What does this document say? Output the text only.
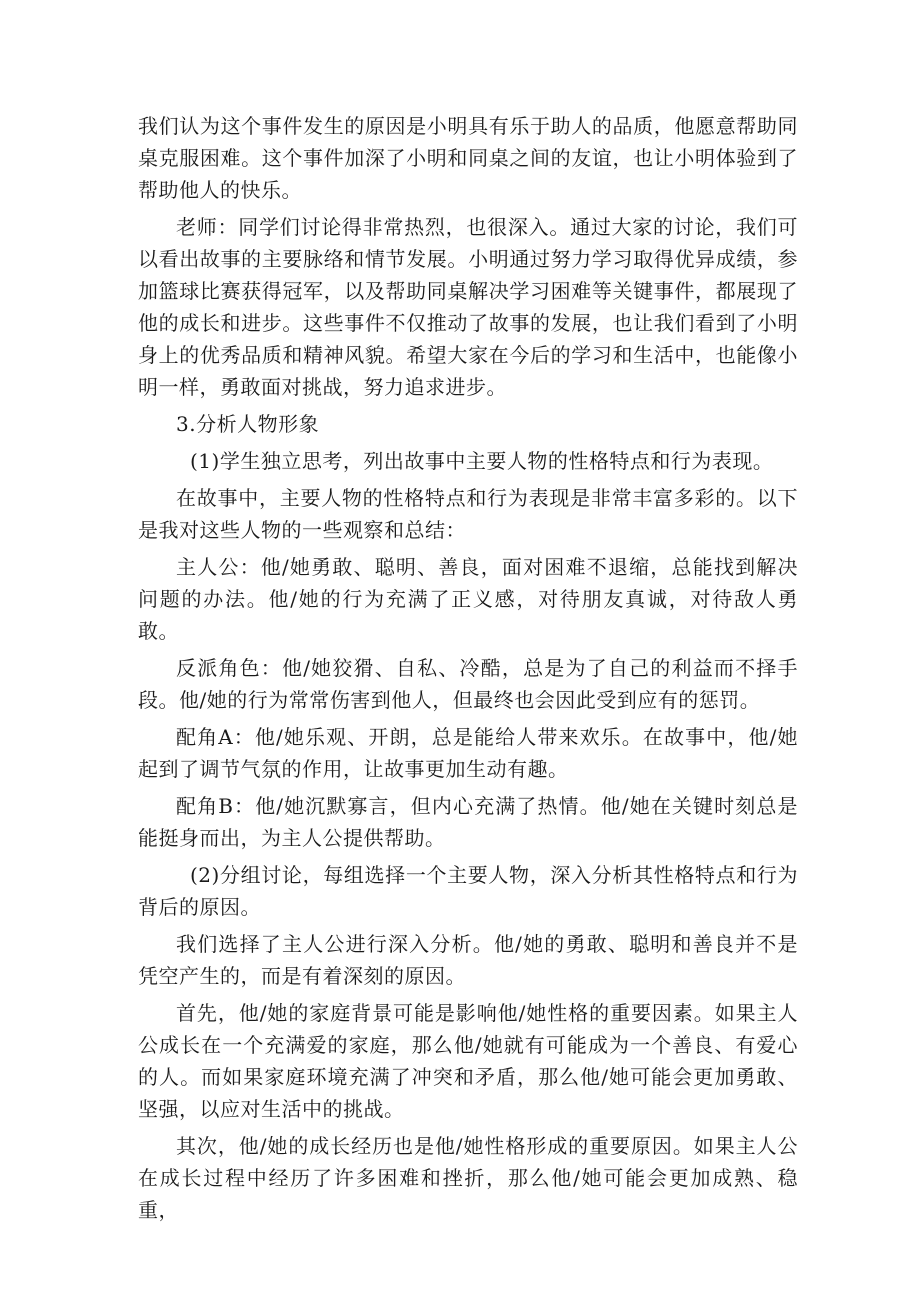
我们认为这个事件发生的原因是小明具有乐于助人的品质，他愿意帮助同桌克服困难。这个事件加深了小明和同桌之间的友谊，也让小明体验到了帮助他人的快乐。

老师：同学们讨论得非常热烈，也很深入。通过大家的讨论，我们可以看出故事的主要脉络和情节发展。小明通过努力学习取得优异成绩，参加篮球比赛获得冠军，以及帮助同桌解决学习困难等关键事件，都展现了他的成长和进步。这些事件不仅推动了故事的发展，也让我们看到了小明身上的优秀品质和精神风貌。希望大家在今后的学习和生活中，也能像小明一样，勇敢面对挑战，努力追求进步。

3.分析人物形象

(1)学生独立思考，列出故事中主要人物的性格特点和行为表现。

在故事中，主要人物的性格特点和行为表现是非常丰富多彩的。以下是我对这些人物的一些观察和总结：

主人公：他/她勇敢、聪明、善良，面对困难不退缩，总能找到解决问题的办法。他/她的行为充满了正义感，对待朋友真诚，对待敌人勇敢。

反派角色：他/她狡猾、自私、冷酷，总是为了自己的利益而不择手段。他/她的行为常常伤害到他人，但最终也会因此受到应有的惩罚。

配角A：他/她乐观、开朗，总是能给人带来欢乐。在故事中，他/她起到了调节气氛的作用，让故事更加生动有趣。

配角B：他/她沉默寡言，但内心充满了热情。他/她在关键时刻总是能挺身而出，为主人公提供帮助。

(2)分组讨论，每组选择一个主要人物，深入分析其性格特点和行为背后的原因。

我们选择了主人公进行深入分析。他/她的勇敢、聪明和善良并不是凭空产生的，而是有着深刻的原因。

首先，他/她的家庭背景可能是影响他/她性格的重要因素。如果主人公成长在一个充满爱的家庭，那么他/她就有可能成为一个善良、有爱心的人。而如果家庭环境充满了冲突和矛盾，那么他/她可能会更加勇敢、坚强，以应对生活中的挑战。

其次，他/她的成长经历也是他/她性格形成的重要原因。如果主人公在成长过程中经历了许多困难和挫折，那么他/她可能会更加成熟、稳重，
